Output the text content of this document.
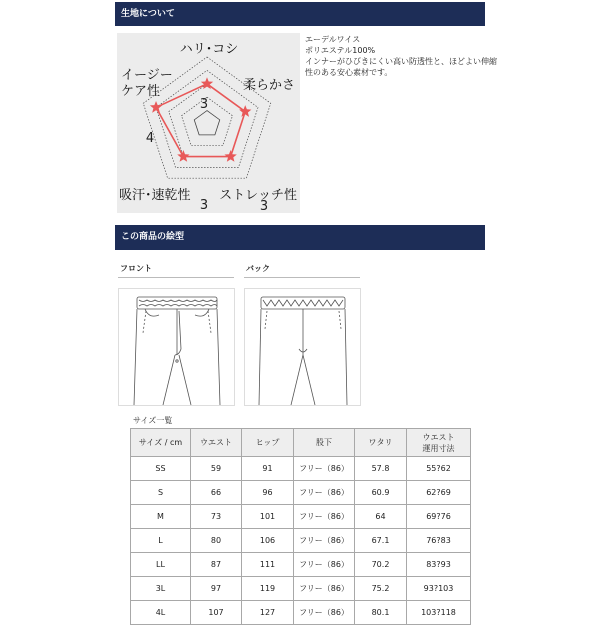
生地について
3
3
3
4
ハリ･コシ
柔らかさ
ストレッチ性
吸汗･速乾性
イージー
ケア性
エーデルワイス
ポリエステル100%
インナーがひびきにくい高い防透性と、ほどよい伸縮
性のある安心素材です。
この商品の絵型
フロント	バック
サイズ一覧
サイズ / cm	ウエスト	ヒップ	股下	ワタリ	ウエスト
運用寸法

SS	59	91	フリー（86）	57.8	55?62
S	66	96	フリー（86）	60.9	62?69
M	73	101	フリー（86）	64	69?76
L	80	106	フリー（86）	67.1	76?83
LL	87	111	フリー（86）	70.2	83?93
3L	97	119	フリー（86）	75.2	93?103
4L	107	127	フリー（86）	80.1	103?118
